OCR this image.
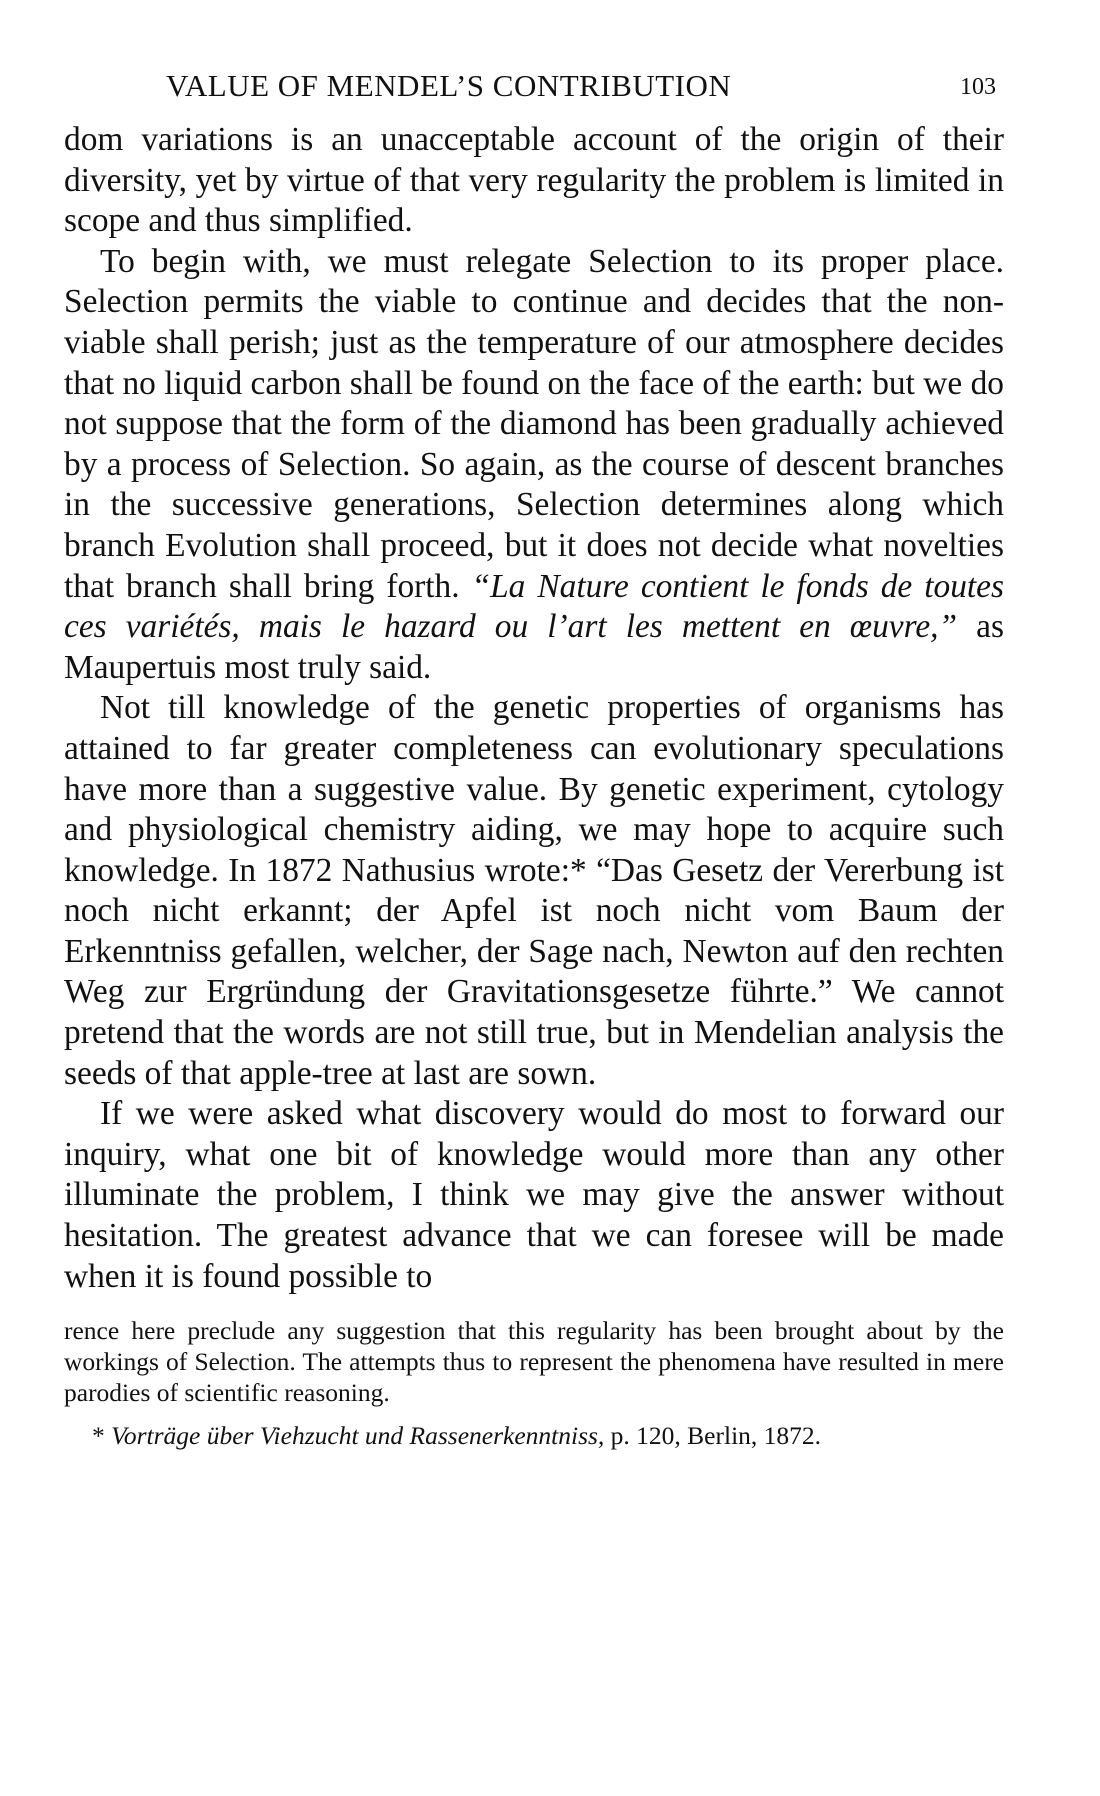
VALUE OF MENDEL’S CONTRIBUTION	103

dom variations is an unacceptable account of the origin of their diversity, yet by virtue of that very regularity the problem is limited in scope and thus simplified.

To begin with, we must relegate Selection to its proper place. Selection permits the viable to continue and decides that the non-viable shall perish; just as the temperature of our atmosphere decides that no liquid carbon shall be found on the face of the earth: but we do not suppose that the form of the diamond has been gradually achieved by a process of Selection. So again, as the course of descent branches in the successive generations, Selection determines along which branch Evolution shall proceed, but it does not decide what novelties that branch shall bring forth. “La Nature contient le fonds de toutes ces variétés, mais le hazard ou l’art les mettent en œuvre,” as Maupertuis most truly said.

Not till knowledge of the genetic properties of organisms has attained to far greater completeness can evolutionary speculations have more than a suggestive value. By genetic experiment, cytology and physiological chemistry aiding, we may hope to acquire such knowledge. In 1872 Nathusius wrote:* “Das Gesetz der Vererbung ist noch nicht erkannt; der Apfel ist noch nicht vom Baum der Erkenntniss gefallen, welcher, der Sage nach, Newton auf den rechten Weg zur Ergründung der Gravitationsgesetze führte.” We cannot pretend that the words are not still true, but in Mendelian analysis the seeds of that apple-tree at last are sown.

If we were asked what discovery would do most to forward our inquiry, what one bit of knowledge would more than any other illuminate the problem, I think we may give the answer without hesitation. The greatest advance that we can foresee will be made when it is found possible to

rence here preclude any suggestion that this regularity has been brought about by the workings of Selection. The attempts thus to represent the phenomena have resulted in mere parodies of scientific reasoning.

* Vorträge über Viehzucht und Rassenerkenntniss, p. 120, Berlin, 1872.
